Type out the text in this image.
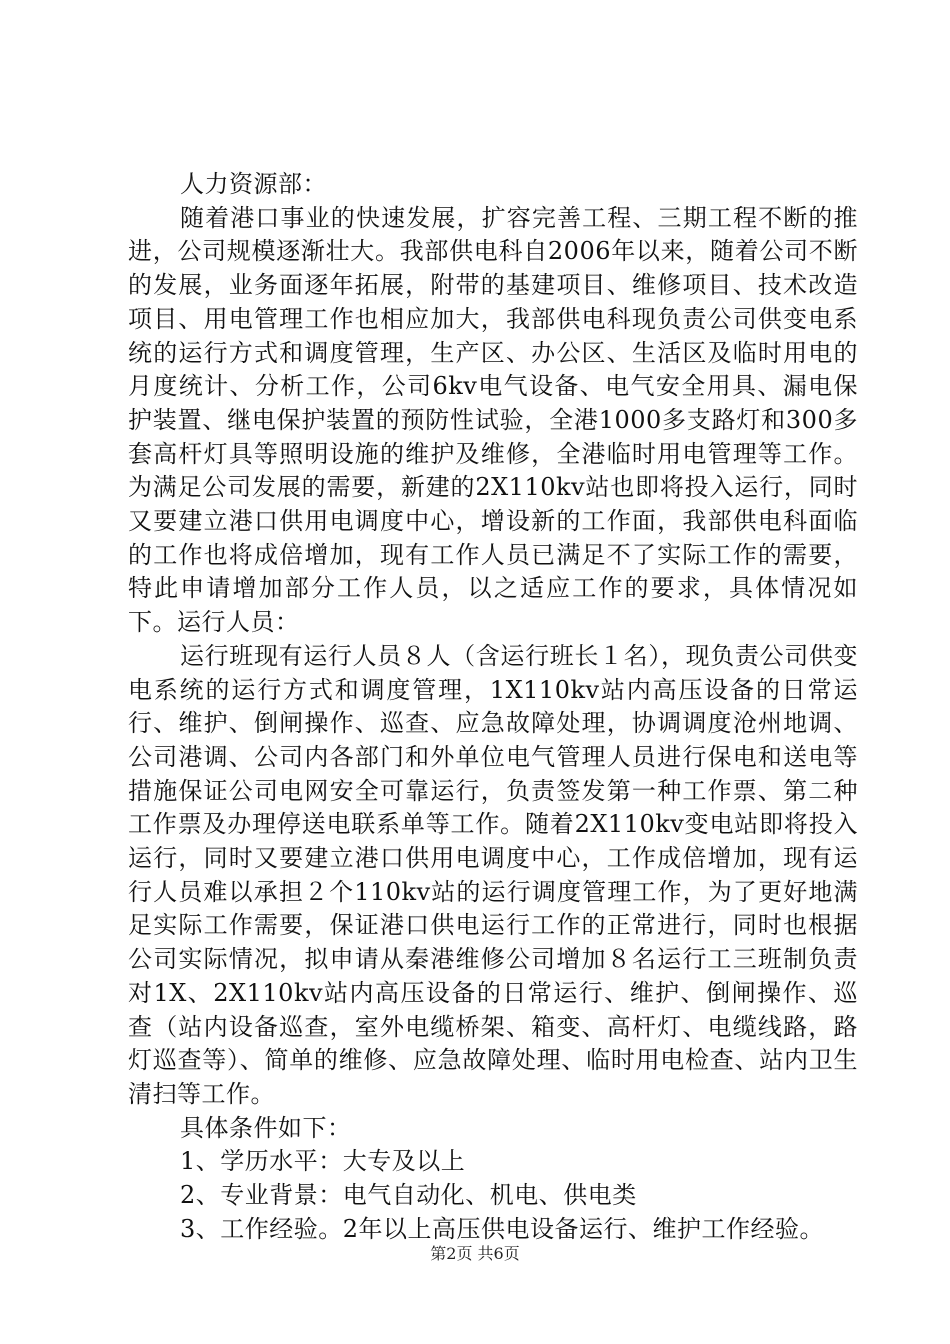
人力资源部：

随着港口事业的快速发展，扩容完善工程、三期工程不断的推进，公司规模逐渐壮大。我部供电科自2006年以来，随着公司不断的发展，业务面逐年拓展，附带的基建项目、维修项目、技术改造项目、用电管理工作也相应加大，我部供电科现负责公司供变电系统的运行方式和调度管理，生产区、办公区、生活区及临时用电的月度统计、分析工作，公司6kv电气设备、电气安全用具、漏电保护装置、继电保护装置的预防性试验，全港1000多支路灯和300多套高杆灯具等照明设施的维护及维修，全港临时用电管理等工作。为满足公司发展的需要，新建的2X110kv站也即将投入运行，同时又要建立港口供用电调度中心，增设新的工作面，我部供电科面临的工作也将成倍增加，现有工作人员已满足不了实际工作的需要，特此申请增加部分工作人员，以之适应工作的要求，具体情况如下。运行人员：

运行班现有运行人员８人（含运行班长１名），现负责公司供变电系统的运行方式和调度管理，1X110kv站内高压设备的日常运行、维护、倒闸操作、巡查、应急故障处理，协调调度沧州地调、公司港调、公司内各部门和外单位电气管理人员进行保电和送电等措施保证公司电网安全可靠运行，负责签发第一种工作票、第二种工作票及办理停送电联系单等工作。随着2X110kv变电站即将投入运行，同时又要建立港口供用电调度中心，工作成倍增加，现有运行人员难以承担２个110kv站的运行调度管理工作，为了更好地满足实际工作需要，保证港口供电运行工作的正常进行，同时也根据公司实际情况，拟申请从秦港维修公司增加８名运行工三班制负责对1X、2X110kv站内高压设备的日常运行、维护、倒闸操作、巡查（站内设备巡查，室外电缆桥架、箱变、高杆灯、电缆线路，路灯巡查等）、简单的维修、应急故障处理、临时用电检查、站内卫生清扫等工作。

具体条件如下：

1、学历水平：大专及以上

2、专业背景：电气自动化、机电、供电类

3、工作经验。2年以上高压供电设备运行、维护工作经验。

第2页 共6页
